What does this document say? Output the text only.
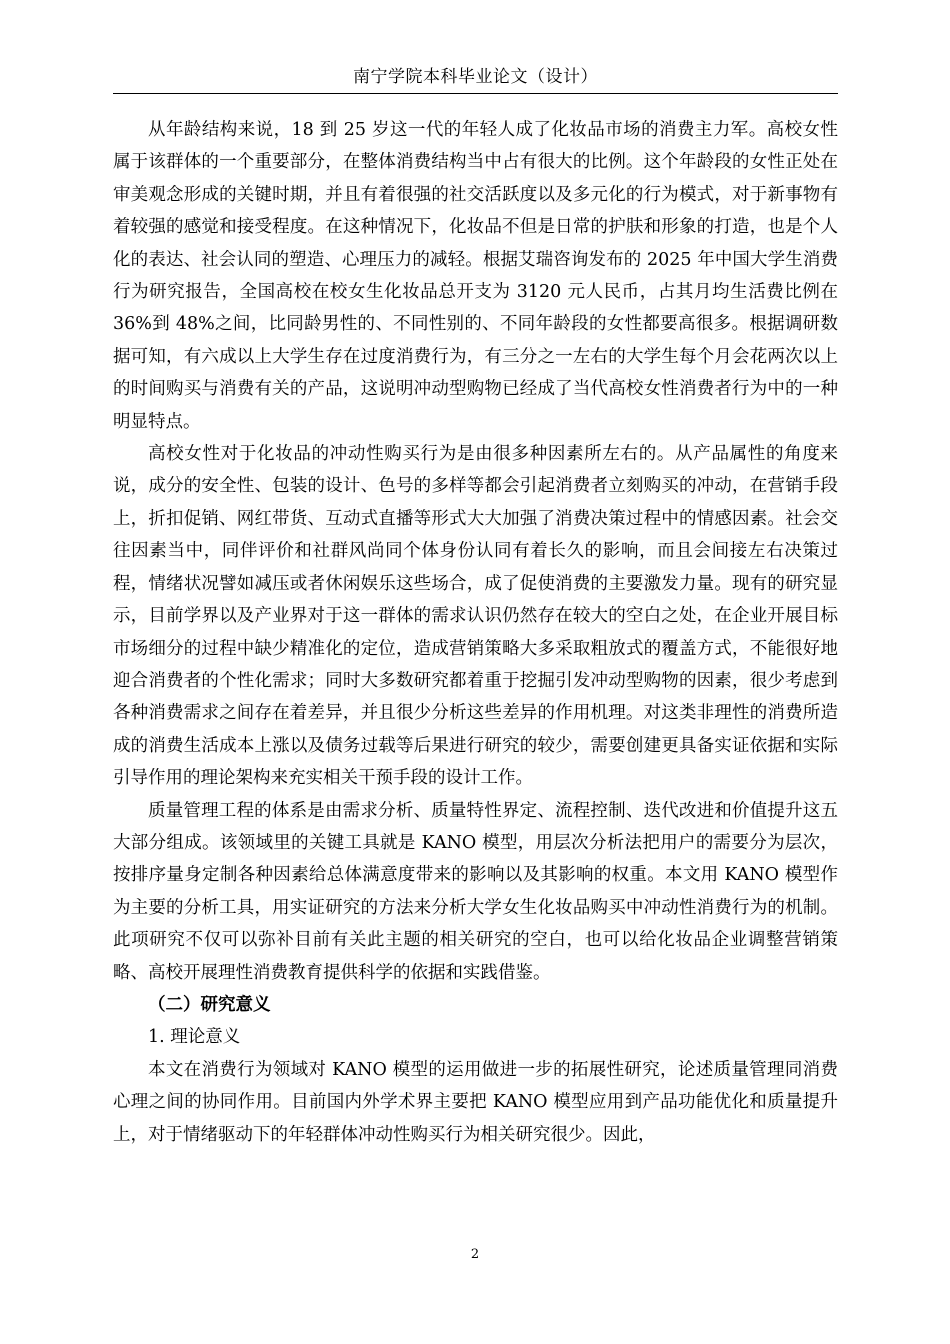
南宁学院本科毕业论文（设计）

从年龄结构来说，18 到 25 岁这一代的年轻人成了化妆品市场的消费主力军。高校女性属于该群体的一个重要部分，在整体消费结构当中占有很大的比例。这个年龄段的女性正处在审美观念形成的关键时期，并且有着很强的社交活跃度以及多元化的行为模式，对于新事物有着较强的感觉和接受程度。在这种情况下，化妆品不但是日常的护肤和形象的打造，也是个人化的表达、社会认同的塑造、心理压力的减轻。根据艾瑞咨询发布的 2025 年中国大学生消费行为研究报告，全国高校在校女生化妆品总开支为 3120 元人民币，占其月均生活费比例在 36%到 48%之间，比同龄男性的、不同性别的、不同年龄段的女性都要高很多。根据调研数据可知，有六成以上大学生存在过度消费行为，有三分之一左右的大学生每个月会花两次以上的时间购买与消费有关的产品，这说明冲动型购物已经成了当代高校女性消费者行为中的一种明显特点。

高校女性对于化妆品的冲动性购买行为是由很多种因素所左右的。从产品属性的角度来说，成分的安全性、包装的设计、色号的多样等都会引起消费者立刻购买的冲动，在营销手段上，折扣促销、网红带货、互动式直播等形式大大加强了消费决策过程中的情感因素。社会交往因素当中，同伴评价和社群风尚同个体身份认同有着长久的影响，而且会间接左右决策过程，情绪状况譬如减压或者休闲娱乐这些场合，成了促使消费的主要激发力量。现有的研究显示，目前学界以及产业界对于这一群体的需求认识仍然存在较大的空白之处，在企业开展目标市场细分的过程中缺少精准化的定位，造成营销策略大多采取粗放式的覆盖方式，不能很好地迎合消费者的个性化需求；同时大多数研究都着重于挖掘引发冲动型购物的因素，很少考虑到各种消费需求之间存在着差异，并且很少分析这些差异的作用机理。对这类非理性的消费所造成的消费生活成本上涨以及债务过载等后果进行研究的较少，需要创建更具备实证依据和实际引导作用的理论架构来充实相关干预手段的设计工作。

质量管理工程的体系是由需求分析、质量特性界定、流程控制、迭代改进和价值提升这五大部分组成。该领域里的关键工具就是 KANO 模型，用层次分析法把用户的需要分为层次，按排序量身定制各种因素给总体满意度带来的影响以及其影响的权重。本文用 KANO 模型作为主要的分析工具，用实证研究的方法来分析大学女生化妆品购买中冲动性消费行为的机制。此项研究不仅可以弥补目前有关此主题的相关研究的空白，也可以给化妆品企业调整营销策略、高校开展理性消费教育提供科学的依据和实践借鉴。

（二）研究意义

1. 理论意义

本文在消费行为领域对 KANO 模型的运用做进一步的拓展性研究，论述质量管理同消费心理之间的协同作用。目前国内外学术界主要把 KANO 模型应用到产品功能优化和质量提升上，对于情绪驱动下的年轻群体冲动性购买行为相关研究很少。因此，

2
